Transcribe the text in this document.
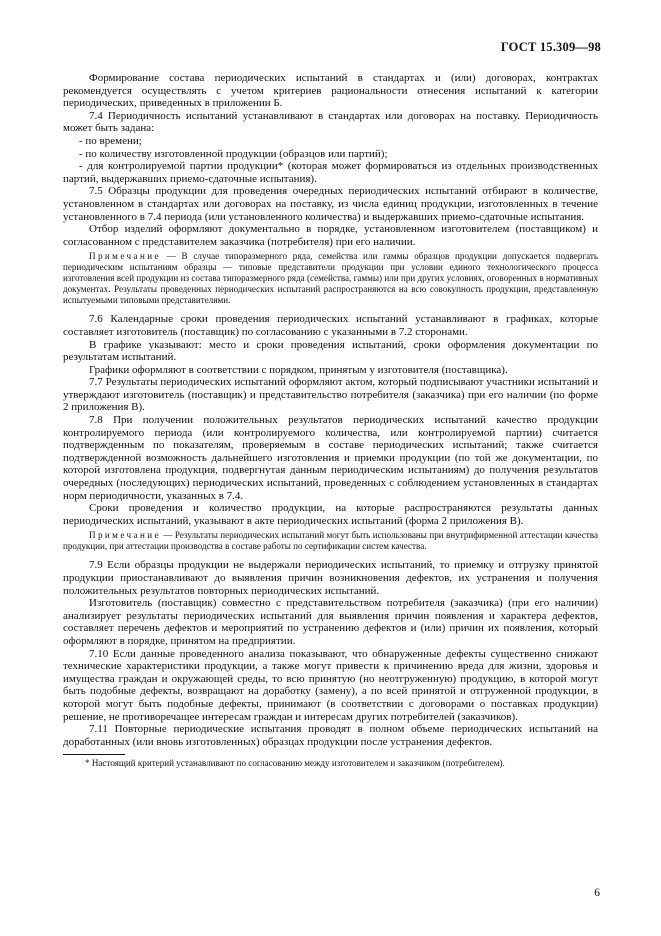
ГОСТ 15.309—98

Формирование состава периодических испытаний в стандартах и (или) договорах, контрактах рекомендуется осуществлять с учетом критериев рациональности отнесения испытаний к категории периодических, приведенных в приложении Б.

7.4 Периодичность испытаний устанавливают в стандартах или договорах на поставку. Периодичность может быть задана:

- по времени;

- по количеству изготовленной продукции (образцов или партий);

- для контролируемой партии продукции* (которая может формироваться из отдельных производственных партий, выдержавших приемо-сдаточные испытания).

7.5 Образцы продукции для проведения очередных периодических испытаний отбирают в количестве, установленном в стандартах или договорах на поставку, из числа единиц продукции, изготовленных в течение установленного в 7.4 периода (или установленного количества) и выдержавших приемо-сдаточные испытания.

Отбор изделий оформляют документально в порядке, установленном изготовителем (поставщиком) и согласованном с представителем заказчика (потребителя) при его наличии.

Примечание — В случае типоразмерного ряда, семейства или гаммы образцов продукции допускается подвергать периодическим испытаниям образцы — типовые представители продукции при условии единого технологического процесса изготовления всей продукции из состава типоразмерного ряда (семейства, гаммы) или при других условиях, оговоренных в нормативных документах. Результаты проведенных периодических испытаний распространяются на всю совокупность продукции, представленную испытуемыми типовыми представителями.

7.6 Календарные сроки проведения периодических испытаний устанавливают в графиках, которые составляет изготовитель (поставщик) по согласованию с указанными в 7.2 сторонами.

В графике указывают: место и сроки проведения испытаний, сроки оформления документации по результатам испытаний.

Графики оформляют в соответствии с порядком, принятым у изготовителя (поставщика).

7.7 Результаты периодических испытаний оформляют актом, который подписывают участники испытаний и утверждают изготовитель (поставщик) и представительство потребителя (заказчика) при его наличии (по форме 2 приложения В).

7.8 При получении положительных результатов периодических испытаний качество продукции контролируемого периода (или контролируемого количества, или контролируемой партии) считается подтвержденным по показателям, проверяемым в составе периодических испытаний; также считается подтвержденной возможность дальнейшего изготовления и приемки продукции (по той же документации, по которой изготовлена продукция, подвергнутая данным периодическим испытаниям) до получения результатов очередных (последующих) периодических испытаний, проведенных с соблюдением установленных в стандартах норм периодичности, указанных в 7.4.

Сроки проведения и количество продукции, на которые распространяются результаты данных периодических испытаний, указывают в акте периодических испытаний (форма 2 приложения В).

Примечание — Результаты периодических испытаний могут быть использованы при внутрифирменной аттестации качества продукции, при аттестации производства в составе работы по сертификации систем качества.

7.9 Если образцы продукции не выдержали периодических испытаний, то приемку и отгрузку принятой продукции приостанавливают до выявления причин возникновения дефектов, их устранения и получения положительных результатов повторных периодических испытаний.

Изготовитель (поставщик) совместно с представительством потребителя (заказчика) (при его наличии) анализирует результаты периодических испытаний для выявления причин появления и характера дефектов, составляет перечень дефектов и мероприятий по устранению дефектов и (или) причин их появления, который оформляют в порядке, принятом на предприятии.

7.10 Если данные проведенного анализа показывают, что обнаруженные дефекты существенно снижают технические характеристики продукции, а также могут привести к причинению вреда для жизни, здоровья и имущества граждан и окружающей среды, то всю принятую (но неотгруженную) продукцию, в которой могут быть подобные дефекты, возвращают на доработку (замену), а по всей принятой и отгруженной продукции, в которой могут быть подобные дефекты, принимают (в соответствии с договорами о поставках продукции) решение, не противоречащее интересам граждан и интересам других потребителей (заказчиков).

7.11 Повторные периодические испытания проводят в полном объеме периодических испытаний на доработанных (или вновь изготовленных) образцах продукции после устранения дефектов.

* Настоящий критерий устанавливают по согласованию между изготовителем и заказчиком (потребителем).

6
